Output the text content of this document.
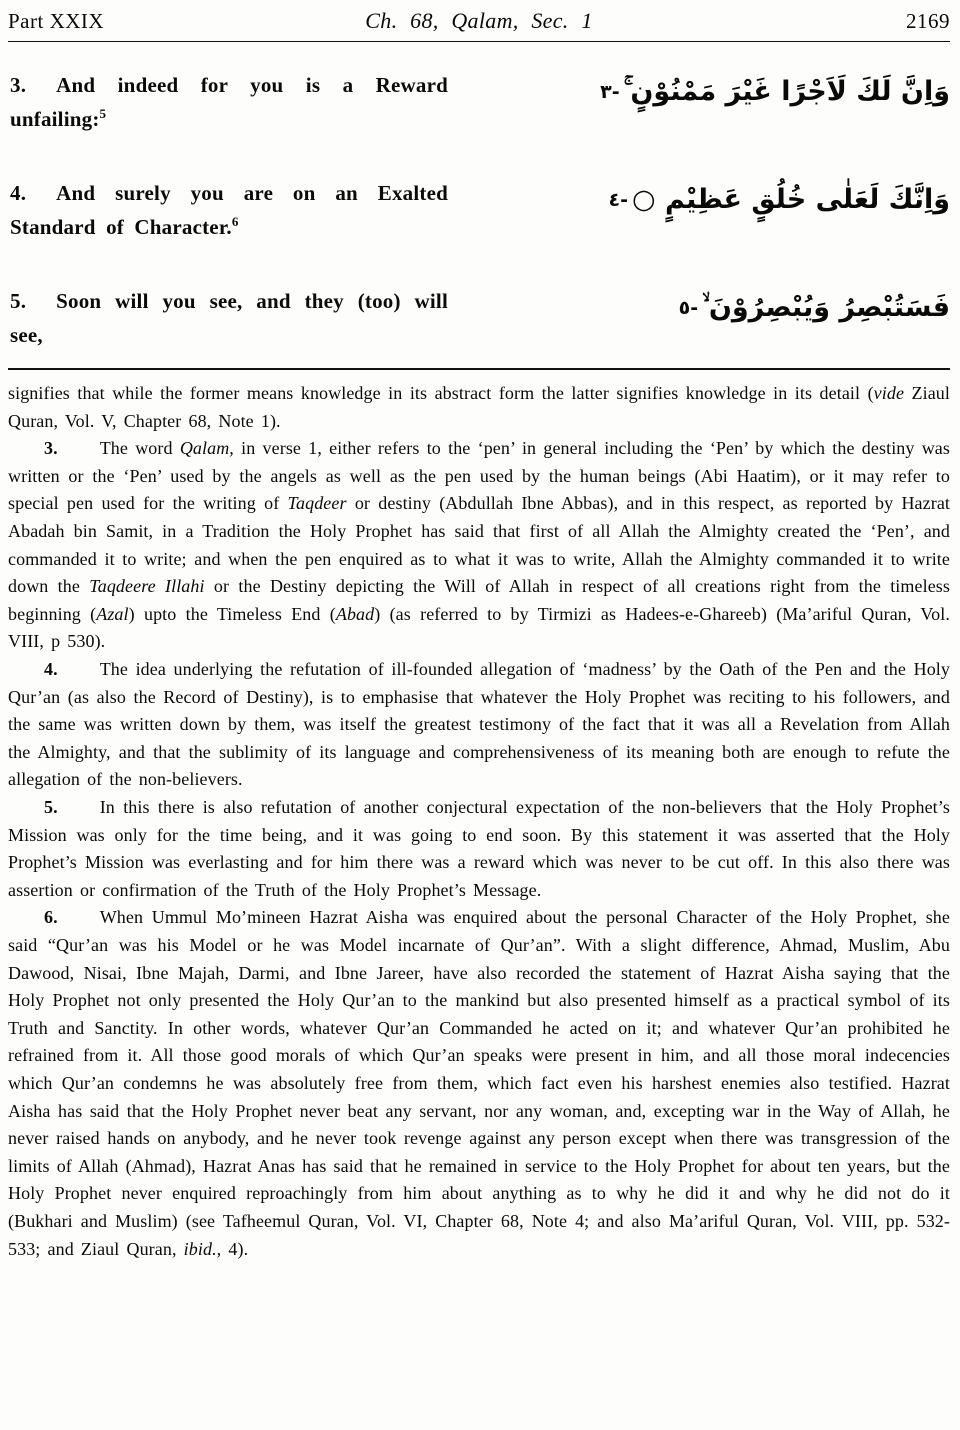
Part XXIX	Ch. 68, Qalam, Sec. 1	2169
3. And indeed for you is a Reward unfailing:$^5$
٣- وَاِنَّ لَكَ لَاَجْرًا غَيْرَ مَمْنُوْنٍ ۚ
4. And surely you are on an Exalted Standard of Character.$^6$
٤- وَاِنَّكَ لَعَلٰى خُلُقٍ عَظِيْمٍ ○
5. Soon will you see, and they (too) will see,
٥- فَسَتُبْصِرُ وَيُبْصِرُوْنَ ۙ

signifies that while the former means knowledge in its abstract form the latter signifies knowledge in its detail (vide Ziaul Quran, Vol. V, Chapter 68, Note 1).

3. The word Qalam, in verse 1, either refers to the ‘pen’ in general including the ‘Pen’ by which the destiny was written or the ‘Pen’ used by the angels as well as the pen used by the human beings (Abi Haatim), or it may refer to special pen used for the writing of Taqdeer or destiny (Abdullah Ibne Abbas), and in this respect, as reported by Hazrat Abadah bin Samit, in a Tradition the Holy Prophet has said that first of all Allah the Almighty created the ‘Pen’, and commanded it to write; and when the pen enquired as to what it was to write, Allah the Almighty commanded it to write down the Taqdeere Illahi or the Destiny depicting the Will of Allah in respect of all creations right from the timeless beginning (Azal) upto the Timeless End (Abad) (as referred to by Tirmizi as Hadees-e-Ghareeb) (Ma’ariful Quran, Vol. VIII, p 530).

4. The idea underlying the refutation of ill-founded allegation of ‘madness’ by the Oath of the Pen and the Holy Qur’an (as also the Record of Destiny), is to emphasise that whatever the Holy Prophet was reciting to his followers, and the same was written down by them, was itself the greatest testimony of the fact that it was all a Revelation from Allah the Almighty, and that the sublimity of its language and comprehensiveness of its meaning both are enough to refute the allegation of the non-believers.

5. In this there is also refutation of another conjectural expectation of the non-believers that the Holy Prophet’s Mission was only for the time being, and it was going to end soon. By this statement it was asserted that the Holy Prophet’s Mission was everlasting and for him there was a reward which was never to be cut off. In this also there was assertion or confirmation of the Truth of the Holy Prophet’s Message.

6. When Ummul Mo’mineen Hazrat Aisha was enquired about the personal Character of the Holy Prophet, she said “Qur’an was his Model or he was Model incarnate of Qur’an”. With a slight difference, Ahmad, Muslim, Abu Dawood, Nisai, Ibne Majah, Darmi, and Ibne Jareer, have also recorded the statement of Hazrat Aisha saying that the Holy Prophet not only presented the Holy Qur’an to the mankind but also presented himself as a practical symbol of its Truth and Sanctity. In other words, whatever Qur’an Commanded he acted on it; and whatever Qur’an prohibited he refrained from it. All those good morals of which Qur’an speaks were present in him, and all those moral indecencies which Qur’an condemns he was absolutely free from them, which fact even his harshest enemies also testified. Hazrat Aisha has said that the Holy Prophet never beat any servant, nor any woman, and, excepting war in the Way of Allah, he never raised hands on anybody, and he never took revenge against any person except when there was transgression of the limits of Allah (Ahmad), Hazrat Anas has said that he remained in service to the Holy Prophet for about ten years, but the Holy Prophet never enquired reproachingly from him about anything as to why he did it and why he did not do it (Bukhari and Muslim) (see Tafheemul Quran, Vol. VI, Chapter 68, Note 4; and also Ma’ariful Quran, Vol. VIII, pp. 532-533; and Ziaul Quran, ibid., 4).
